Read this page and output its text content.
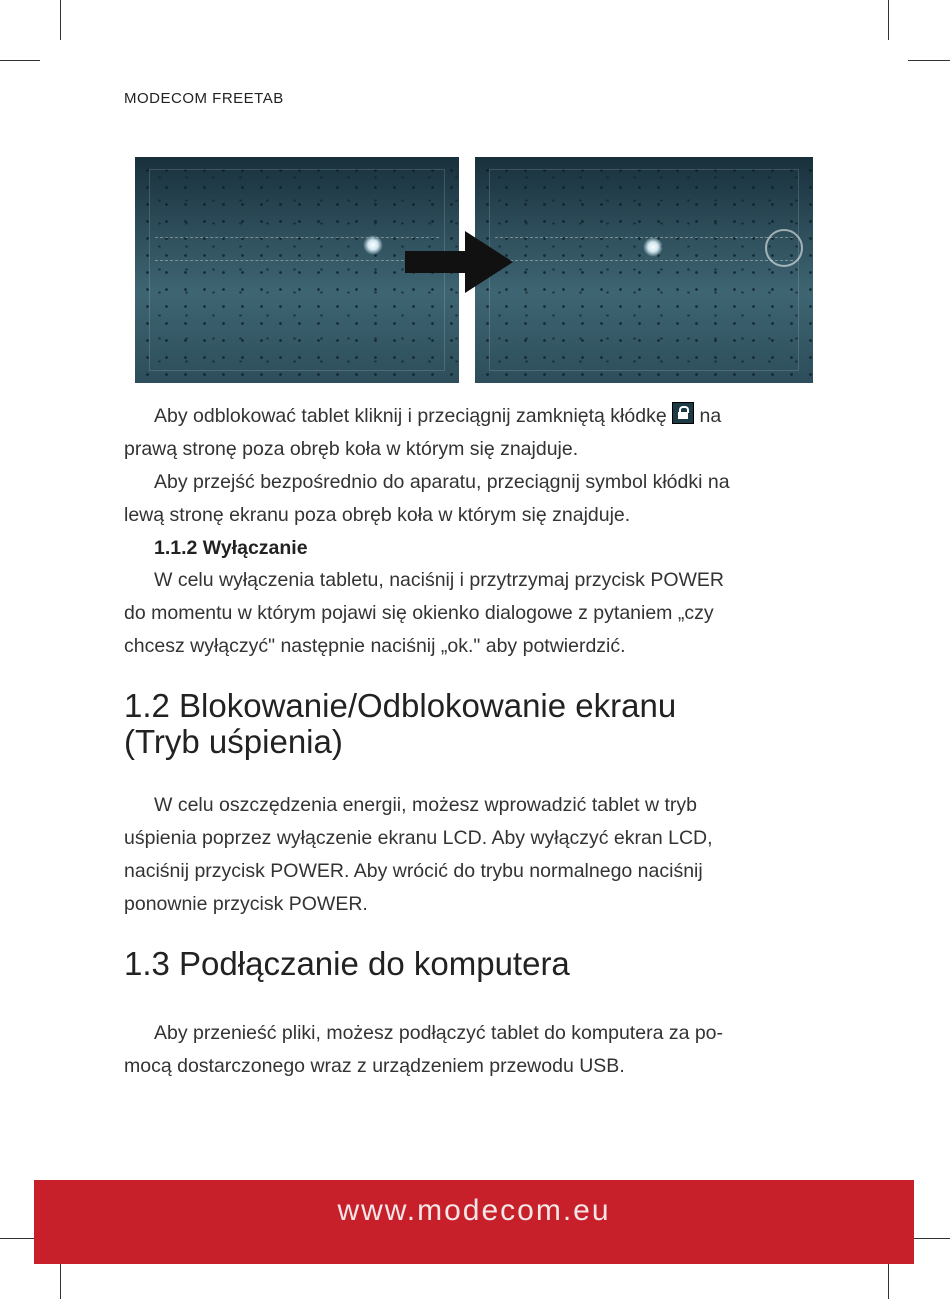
MODECOM FREETAB
Aby odblokować tablet kliknij i przeciągnij zamkniętą kłódkę na
prawą stronę poza obręb koła w którym się znajduje.
Aby przejść bezpośrednio do aparatu, przeciągnij symbol kłódki na
lewą stronę ekranu poza obręb koła w którym się znajduje.
1.1.2 Wyłączanie
W celu wyłączenia tabletu, naciśnij i przytrzymaj przycisk POWER
do momentu w którym pojawi się okienko dialogowe z pytaniem „czy
chcesz wyłączyć" następnie naciśnij „ok." aby potwierdzić.
1.2 Blokowanie/Odblokowanie ekranu
(Tryb uśpienia)
W celu oszczędzenia energii, możesz wprowadzić tablet w tryb
uśpienia poprzez wyłączenie ekranu LCD. Aby wyłączyć ekran LCD,
naciśnij przycisk POWER. Aby wrócić do trybu normalnego naciśnij
ponownie przycisk POWER.
1.3 Podłączanie do komputera
Aby przenieść pliki, możesz podłączyć tablet do komputera za po-
mocą dostarczonego wraz z urządzeniem przewodu USB.
www.modecom.eu
